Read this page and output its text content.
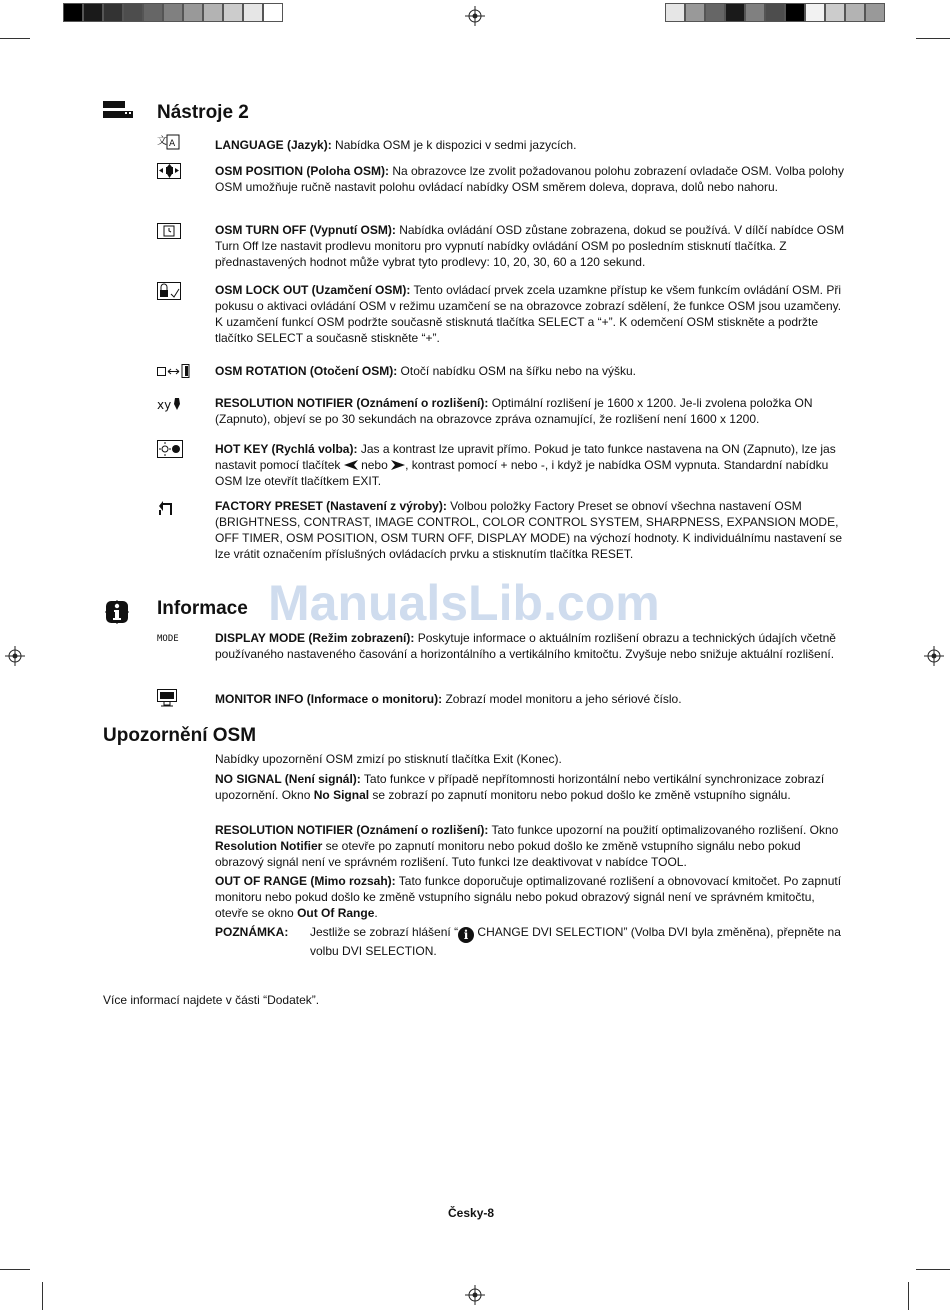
ManualsLib.com
Nástroje 2
文 A
xy
LANGUAGE (Jazyk): Nabídka OSM je k dispozici v sedmi jazycích.
OSM POSITION (Poloha OSM): Na obrazovce lze zvolit požadovanou polohu zobrazení ovladače OSM. Volba polohy OSM umožňuje ručně nastavit polohu ovládací nabídky OSM směrem doleva, doprava, dolů nebo nahoru.
OSM TURN OFF (Vypnutí OSM): Nabídka ovládání OSD zůstane zobrazena, dokud se používá. V dílčí nabídce OSM Turn Off lze nastavit prodlevu monitoru pro vypnutí nabídky ovládání OSM po posledním stisknutí tlačítka. Z přednastavených hodnot může vybrat tyto prodlevy: 10, 20, 30, 60 a 120 sekund.
OSM LOCK OUT (Uzamčení OSM): Tento ovládací prvek zcela uzamkne přístup ke všem funkcím ovládání OSM. Při pokusu o aktivaci ovládání OSM v režimu uzamčení se na obrazovce zobrazí sdělení, že funkce OSM jsou uzamčeny. K uzamčení funkcí OSM podržte současně stisknutá tlačítka SELECT a “+”. K odemčení OSM stiskněte a podržte tlačítko SELECT a současně stiskněte “+”.
OSM ROTATION (Otočení OSM): Otočí nabídku OSM na šířku nebo na výšku.
RESOLUTION NOTIFIER (Oznámení o rozlišení): Optimální rozlišení je 1600 x 1200. Je-li zvolena položka ON (Zapnuto), objeví se po 30 sekundách na obrazovce zpráva oznamující, že rozlišení není 1600 x 1200.
HOT KEY (Rychlá volba): Jas a kontrast lze upravit přímo. Pokud je tato funkce nastavena na ON (Zapnuto), lze jas nastavit pomocí tlačítek  nebo , kontrast pomocí + nebo -, i když je nabídka OSM vypnuta. Standardní nabídku OSM lze otevřít tlačítkem EXIT.
FACTORY PRESET (Nastavení z výroby): Volbou položky Factory Preset se obnoví všechna nastavení OSM (BRIGHTNESS, CONTRAST, IMAGE CONTROL, COLOR CONTROL SYSTEM, SHARPNESS, EXPANSION MODE, OFF TIMER, OSM POSITION, OSM TURN OFF, DISPLAY MODE) na výchozí hodnoty. K individuálnímu nastavení se lze vrátit označením příslušných ovládacích prvku a stisknutím tlačítka RESET.
Informace
MODE	DISPLAY MODE (Režim zobrazení): Poskytuje informace o aktuálním rozlišení obrazu a technických údajích včetně používaného nastaveného časování a horizontálního a vertikálního kmitočtu. Zvyšuje nebo snižuje aktuální rozlišení.
MONITOR INFO (Informace o monitoru): Zobrazí model monitoru a jeho sériové číslo.
Upozornění OSM
Nabídky upozornění OSM zmizí po stisknutí tlačítka Exit (Konec).
NO SIGNAL (Není signál): Tato funkce v případě nepřítomnosti horizontální nebo vertikální synchronizace zobrazí upozornění. Okno No Signal se zobrazí po zapnutí monitoru nebo pokud došlo ke změně vstupního signálu.
RESOLUTION NOTIFIER (Oznámení o rozlišení): Tato funkce upozorní na použití optimalizovaného rozlišení. Okno Resolution Notifier se otevře po zapnutí monitoru nebo pokud došlo ke změně vstupního signálu nebo pokud obrazový signál není ve správném rozlišení. Tuto funkci lze deaktivovat v nabídce TOOL.
OUT OF RANGE (Mimo rozsah): Tato funkce doporučuje optimalizované rozlišení a obnovovací kmitočet. Po zapnutí monitoru nebo pokud došlo ke změně vstupního signálu nebo pokud obrazový signál není ve správném kmitočtu, otevře se okno Out Of Range.
POZNÁMKA: Jestliže se zobrazí hlášení “ i CHANGE DVI SELECTION” (Volba DVI byla změněna), přepněte na volbu DVI SELECTION.
Více informací najdete v části “Dodatek”.
Česky-8
